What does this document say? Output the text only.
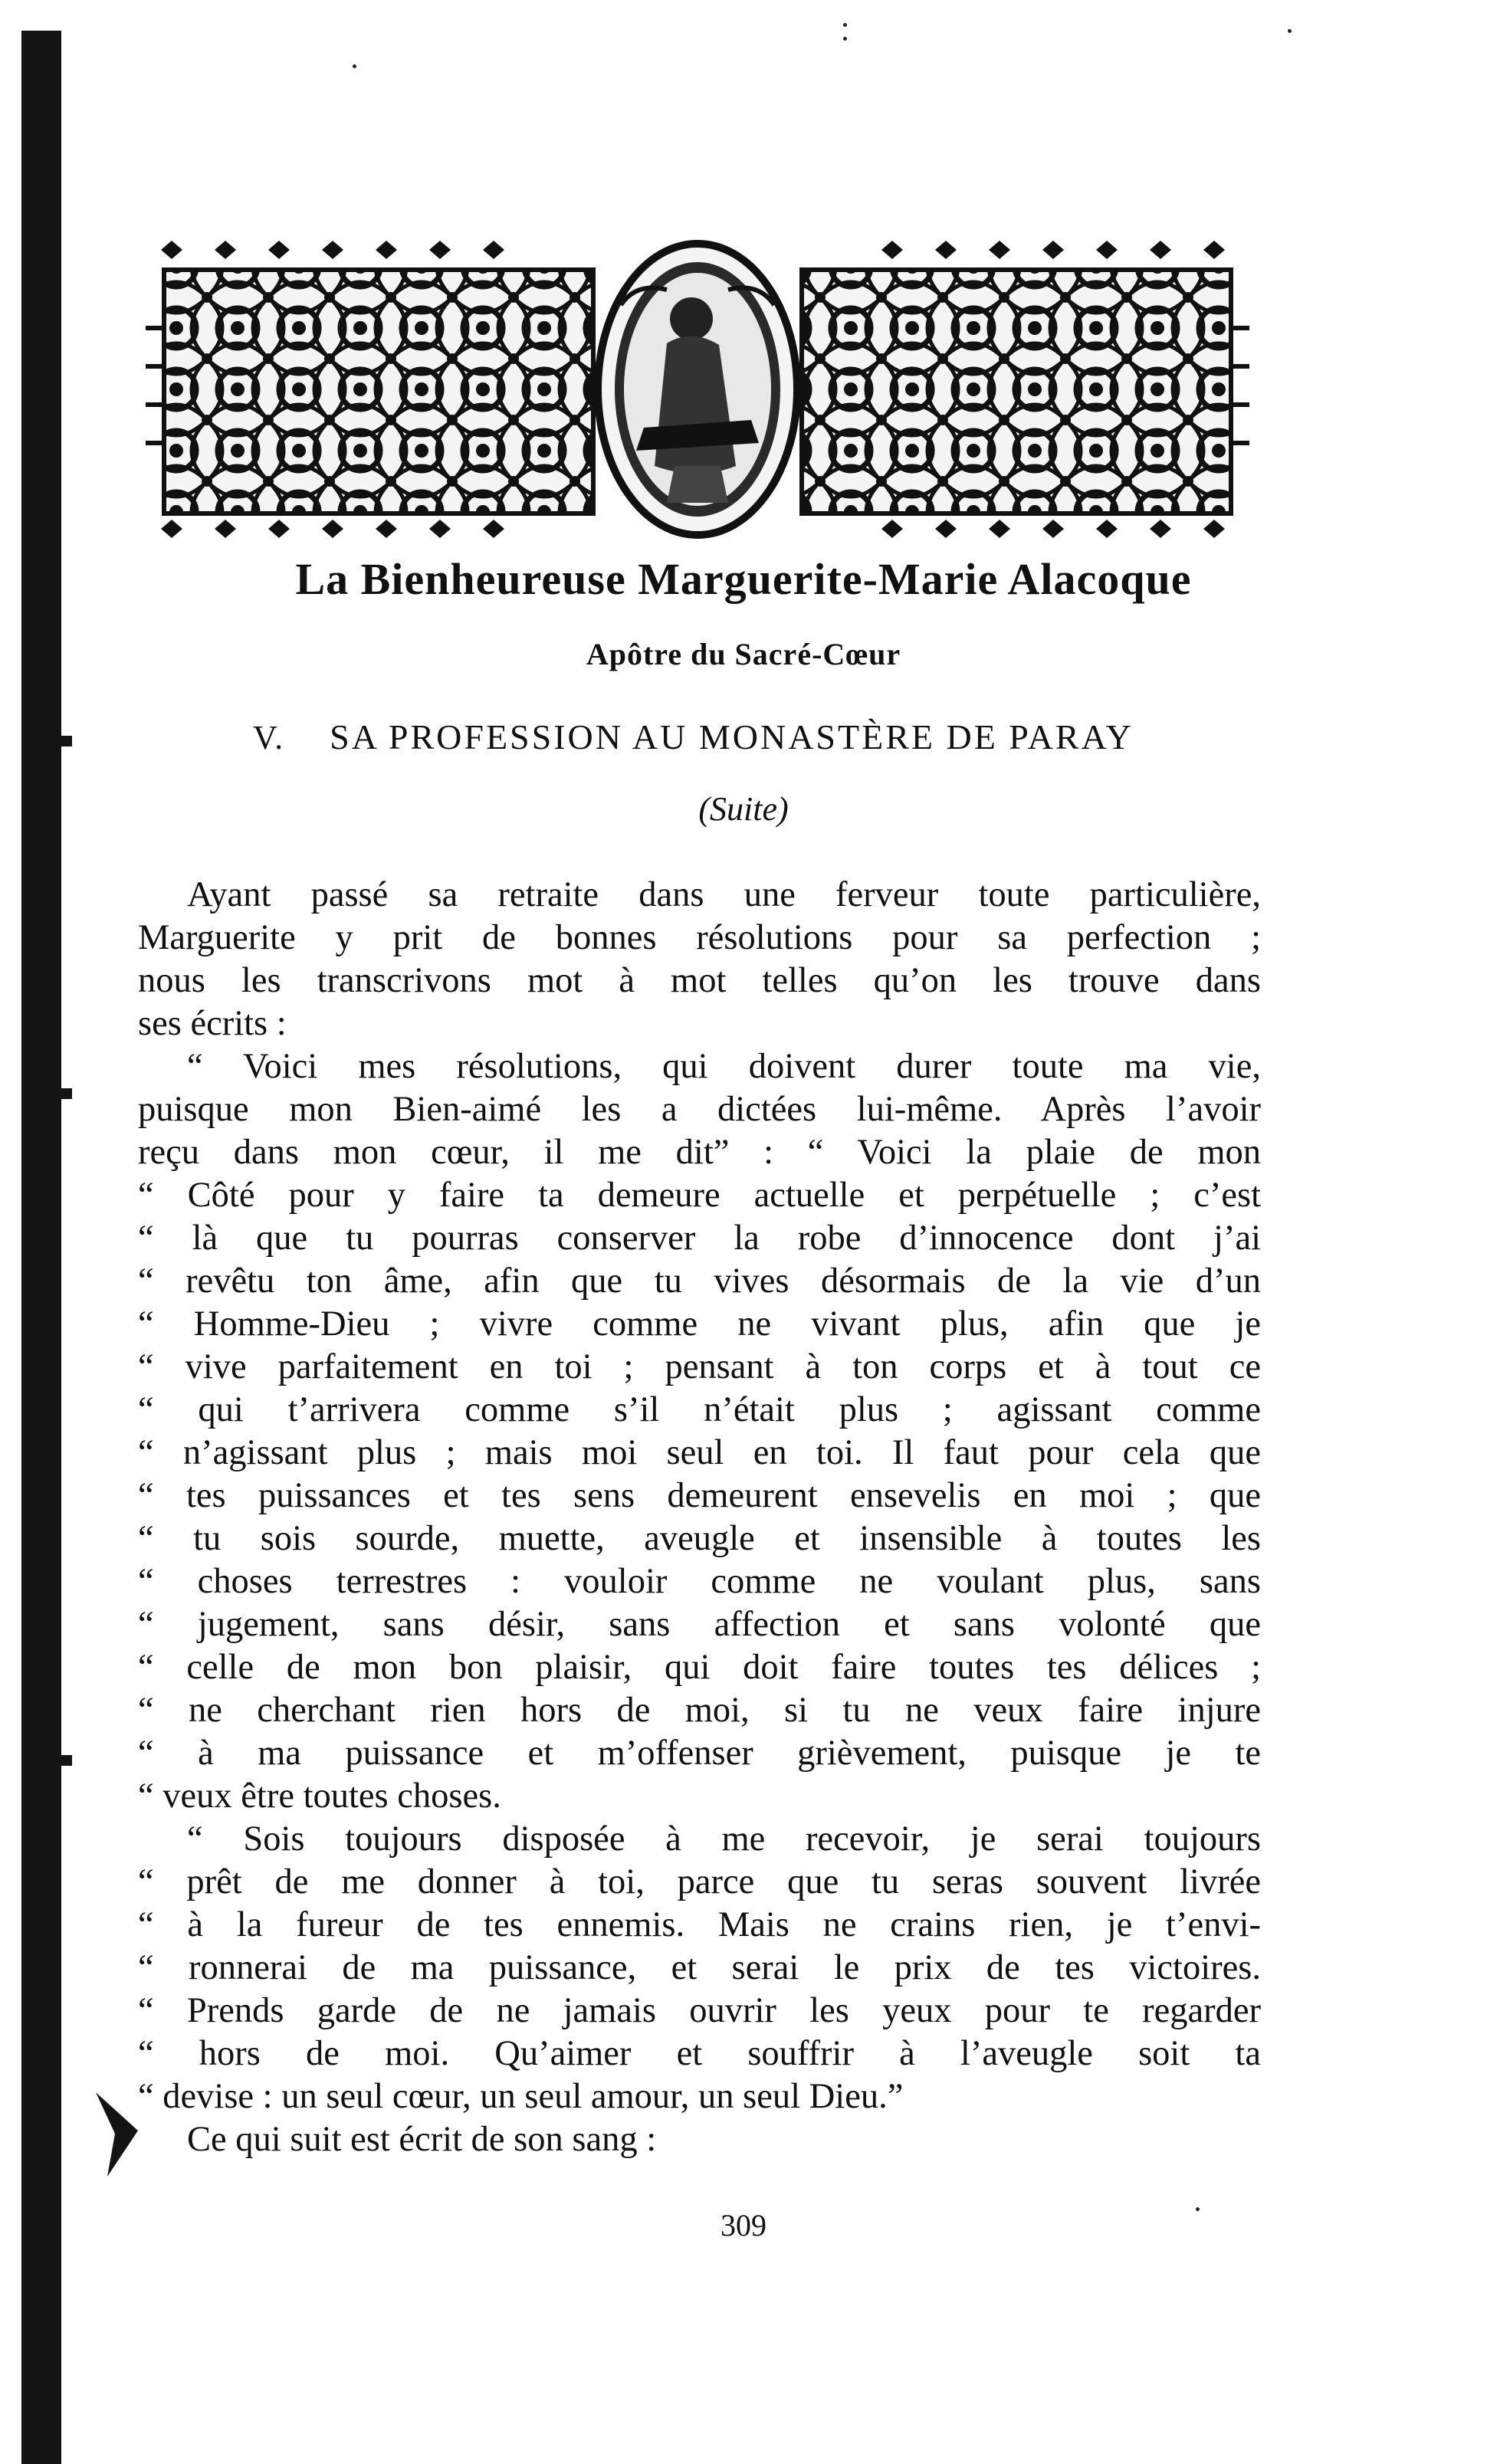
La Bienheureuse Marguerite-Marie Alacoque
Apôtre du Sacré-Cœur
V. SA PROFESSION AU MONASTÈRE DE PARAY
(Suite)

Ayant passé sa retraite dans une ferveur toute particulière,

Marguerite y prit de bonnes résolutions pour sa perfection ;

nous les transcrivons mot à mot telles qu’on les trouve dans

ses écrits :

“ Voici mes résolutions, qui doivent durer toute ma vie,

puisque mon Bien-aimé les a dictées lui-même. Après l’avoir

reçu dans mon cœur, il me dit” : “ Voici la plaie de mon

“ Côté pour y faire ta demeure actuelle et perpétuelle ; c’est

“ là que tu pourras conserver la robe d’innocence dont j’ai

“ revêtu ton âme, afin que tu vives désormais de la vie d’un

“ Homme-Dieu ; vivre comme ne vivant plus, afin que je

“ vive parfaitement en toi ; pensant à ton corps et à tout ce

“ qui t’arrivera comme s’il n’était plus ; agissant comme

“ n’agissant plus ; mais moi seul en toi. Il faut pour cela que

“ tes puissances et tes sens demeurent ensevelis en moi ; que

“ tu sois sourde, muette, aveugle et insensible à toutes les

“ choses terrestres : vouloir comme ne voulant plus, sans

“ jugement, sans désir, sans affection et sans volonté que

“ celle de mon bon plaisir, qui doit faire toutes tes délices ;

“ ne cherchant rien hors de moi, si tu ne veux faire injure

“ à ma puissance et m’offenser grièvement, puisque je te

“ veux être toutes choses.

“ Sois toujours disposée à me recevoir, je serai toujours

“ prêt de me donner à toi, parce que tu seras souvent livrée

“ à la fureur de tes ennemis. Mais ne crains rien, je t’envi-

“ ronnerai de ma puissance, et serai le prix de tes victoires.

“ Prends garde de ne jamais ouvrir les yeux pour te regarder

“ hors de moi. Qu’aimer et souffrir à l’aveugle soit ta

“ devise : un seul cœur, un seul amour, un seul Dieu.”

Ce qui suit est écrit de son sang :

309
